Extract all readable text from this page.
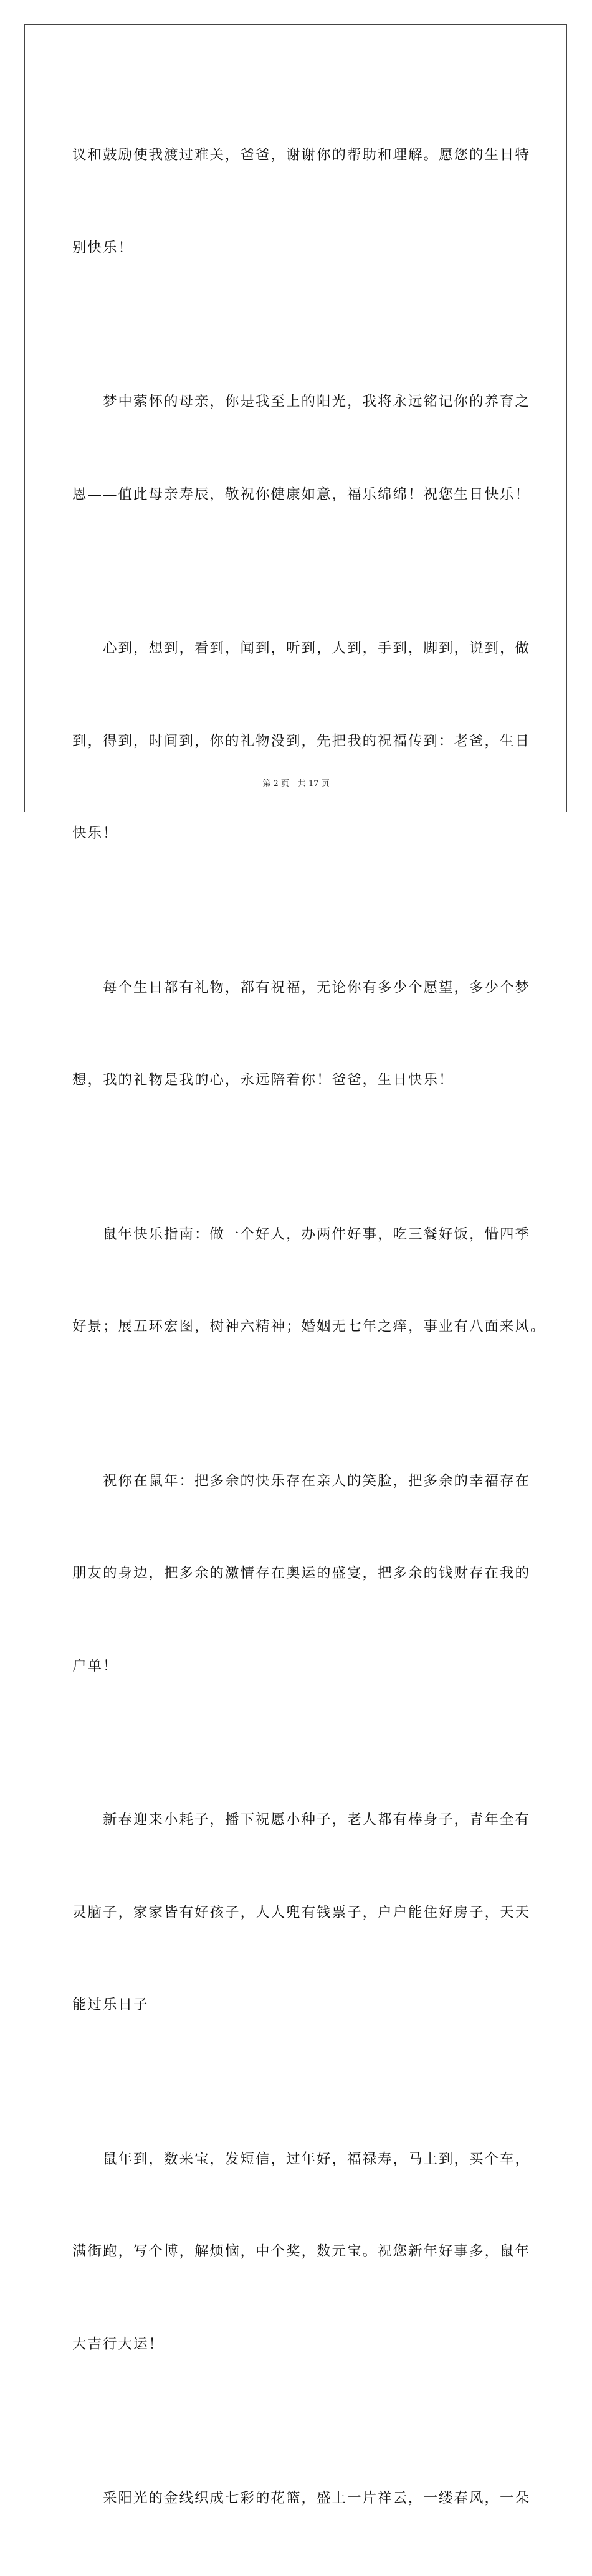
议和鼓励使我渡过难关，爸爸，谢谢你的帮助和理解。愿您的生日特

别快乐！

　　梦中萦怀的母亲，你是我至上的阳光，我将永远铭记你的养育之

恩——值此母亲寿辰，敬祝你健康如意，福乐绵绵！祝您生日快乐！

　　心到，想到，看到，闻到，听到，人到，手到，脚到，说到，做

到，得到，时间到，你的礼物没到，先把我的祝福传到：老爸，生日

快乐！

　　每个生日都有礼物，都有祝福，无论你有多少个愿望，多少个梦

想，我的礼物是我的心，永远陪着你！爸爸，生日快乐！

　　鼠年快乐指南：做一个好人，办两件好事，吃三餐好饭，惜四季

好景；展五环宏图，树神六精神；婚姻无七年之痒，事业有八面来风。

　　祝你在鼠年：把多余的快乐存在亲人的笑脸，把多余的幸福存在

朋友的身边，把多余的激情存在奥运的盛宴，把多余的钱财存在我的

户单！

　　新春迎来小耗子，播下祝愿小种子，老人都有棒身子，青年全有

灵脑子，家家皆有好孩子，人人兜有钱票子，户户能住好房子，天天

能过乐日子

　　鼠年到，数来宝，发短信，过年好，福禄寿，马上到，买个车，

满街跑，写个博，解烦恼，中个奖，数元宝。祝您新年好事多，鼠年

大吉行大运！

　　采阳光的金线织成七彩的花篮，盛上一片祥云，一缕春风，一朵

第 2 页 共 17 页
